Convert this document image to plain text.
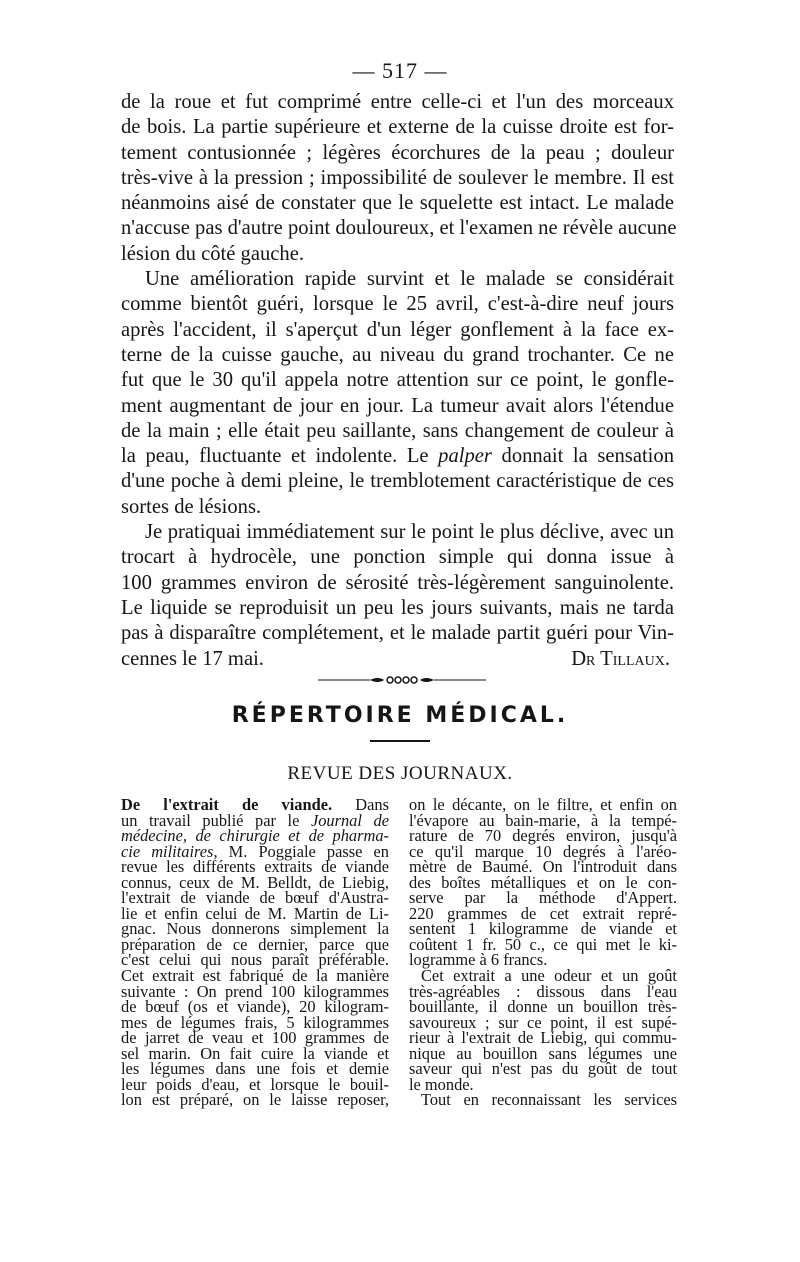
— 517 —
de la roue et fut comprimé entre celle-ci et l'un des morceaux
de bois. La partie supérieure et externe de la cuisse droite est for-
tement contusionnée ; légères écorchures de la peau ; douleur
très-vive à la pression ; impossibilité de soulever le membre. Il est
néanmoins aisé de constater que le squelette est intact. Le malade
n'accuse pas d'autre point douloureux, et l'examen ne révèle aucune
lésion du côté gauche.
Une amélioration rapide survint et le malade se considérait
comme bientôt guéri, lorsque le 25 avril, c'est-à-dire neuf jours
après l'accident, il s'aperçut d'un léger gonflement à la face ex-
terne de la cuisse gauche, au niveau du grand trochanter. Ce ne
fut que le 30 qu'il appela notre attention sur ce point, le gonfle-
ment augmentant de jour en jour. La tumeur avait alors l'étendue
de la main ; elle était peu saillante, sans changement de couleur à
la peau, fluctuante et indolente. Le palper donnait la sensation
d'une poche à demi pleine, le tremblotement caractéristique de ces
sortes de lésions.
Je pratiquai immédiatement sur le point le plus déclive, avec un
trocart à hydrocèle, une ponction simple qui donna issue à
100 grammes environ de sérosité très-légèrement sanguinolente.
Le liquide se reproduisit un peu les jours suivants, mais ne tarda
pas à disparaître complétement, et le malade partit guéri pour Vin-
cennes le 17 mai.	Dr Tillaux.
RÉPERTOIRE MÉDICAL.
REVUE DES JOURNAUX.
De l'extrait de viande. Dans
un travail publié par le Journal de
médecine, de chirurgie et de pharma-
cie militaires, M. Poggiale passe en
revue les différents extraits de viande
connus, ceux de M. Belldt, de Liebig,
l'extrait de viande de bœuf d'Austra-
lie et enfin celui de M. Martin de Li-
gnac. Nous donnerons simplement la
préparation de ce dernier, parce que
c'est celui qui nous paraît préférable.
Cet extrait est fabriqué de la manière
suivante : On prend 100 kilogrammes
de bœuf (os et viande), 20 kilogram-
mes de légumes frais, 5 kilogrammes
de jarret de veau et 100 grammes de
sel marin. On fait cuire la viande et
les légumes dans une fois et demie
leur poids d'eau, et lorsque le bouil-
lon est préparé, on le laisse reposer,
on le décante, on le filtre, et enfin on
l'évapore au bain-marie, à la tempé-
rature de 70 degrés environ, jusqu'à
ce qu'il marque 10 degrés à l'aréo-
mètre de Baumé. On l'introduit dans
des boîtes métalliques et on le con-
serve par la méthode d'Appert.
220 grammes de cet extrait repré-
sentent 1 kilogramme de viande et
coûtent 1 fr. 50 c., ce qui met le ki-
logramme à 6 francs.
Cet extrait a une odeur et un goût
très-agréables : dissous dans l'eau
bouillante, il donne un bouillon très-
savoureux ; sur ce point, il est supé-
rieur à l'extrait de Liebig, qui commu-
nique au bouillon sans légumes une
saveur qui n'est pas du goût de tout
le monde.
Tout en reconnaissant les services
